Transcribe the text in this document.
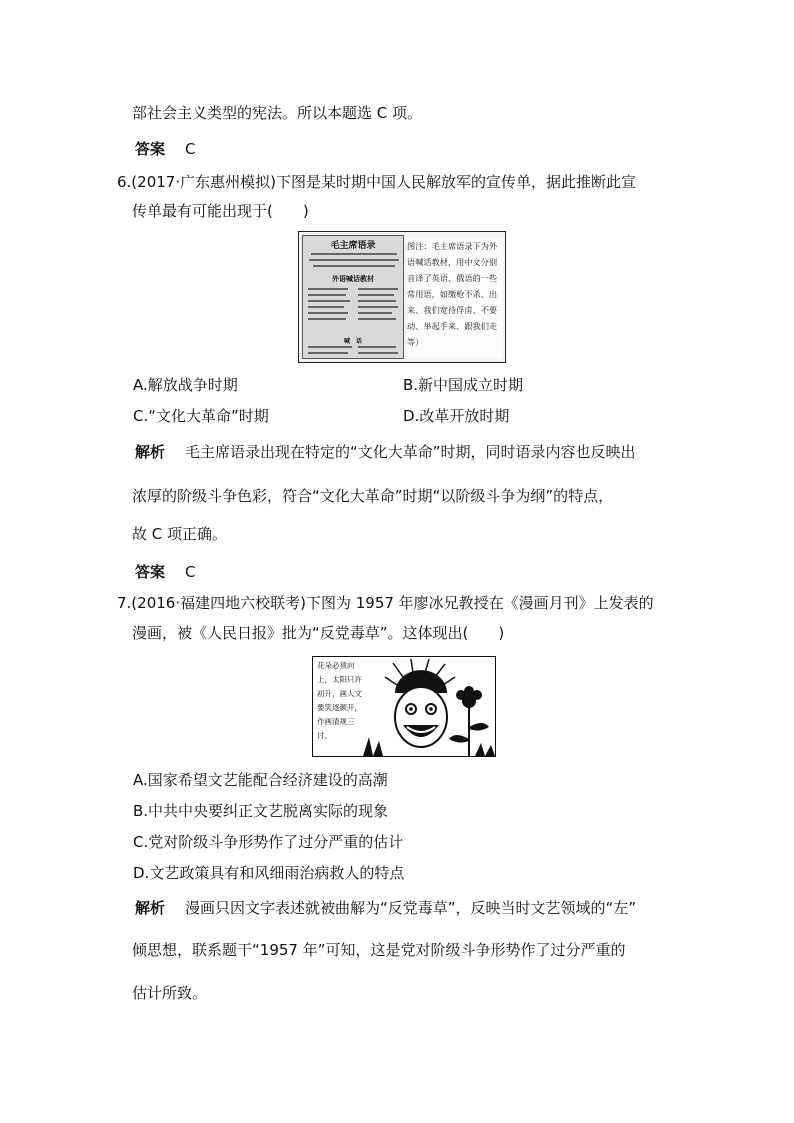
部社会主义类型的宪法。所以本题选 C 项。
答案 C
6.(2017·广东惠州模拟)下图是某时期中国人民解放军的宣传单，据此推断此宣
传单最有可能出现于(　　)
毛主席语录
外语喊话教材
喊　话
图注：毛主席语录下为外语喊话教材，用中文分别音译了英语、俄语的一些常用语，如缴枪不杀、出来、我们宽待俘虏、不要动、举起手来、跟我们走等）
A.解放战争时期	B.新中国成立时期
C.“文化大革命”时期	D.改革开放时期
解析 毛主席语录出现在特定的“文化大革命”时期，同时语录内容也反映出
浓厚的阶级斗争色彩，符合“文化大革命”时期“以阶级斗争为纲”的特点，
故 C 项正确。
答案 C
7.(2016·福建四地六校联考)下图为 1957 年廖冰兄教授在《漫画月刊》上发表的
漫画，被《人民日报》批为“反党毒草”。这体现出(　　)
花朵必须向上，太阳只许初升，画人文要笑逐颜开，作画清规三讨。
A.国家希望文艺能配合经济建设的高潮
B.中共中央要纠正文艺脱离实际的现象
C.党对阶级斗争形势作了过分严重的估计
D.文艺政策具有和风细雨治病救人的特点
解析 漫画只因文字表述就被曲解为“反党毒草”，反映当时文艺领域的“左”
倾思想，联系题干“1957 年”可知，这是党对阶级斗争形势作了过分严重的
估计所致。
